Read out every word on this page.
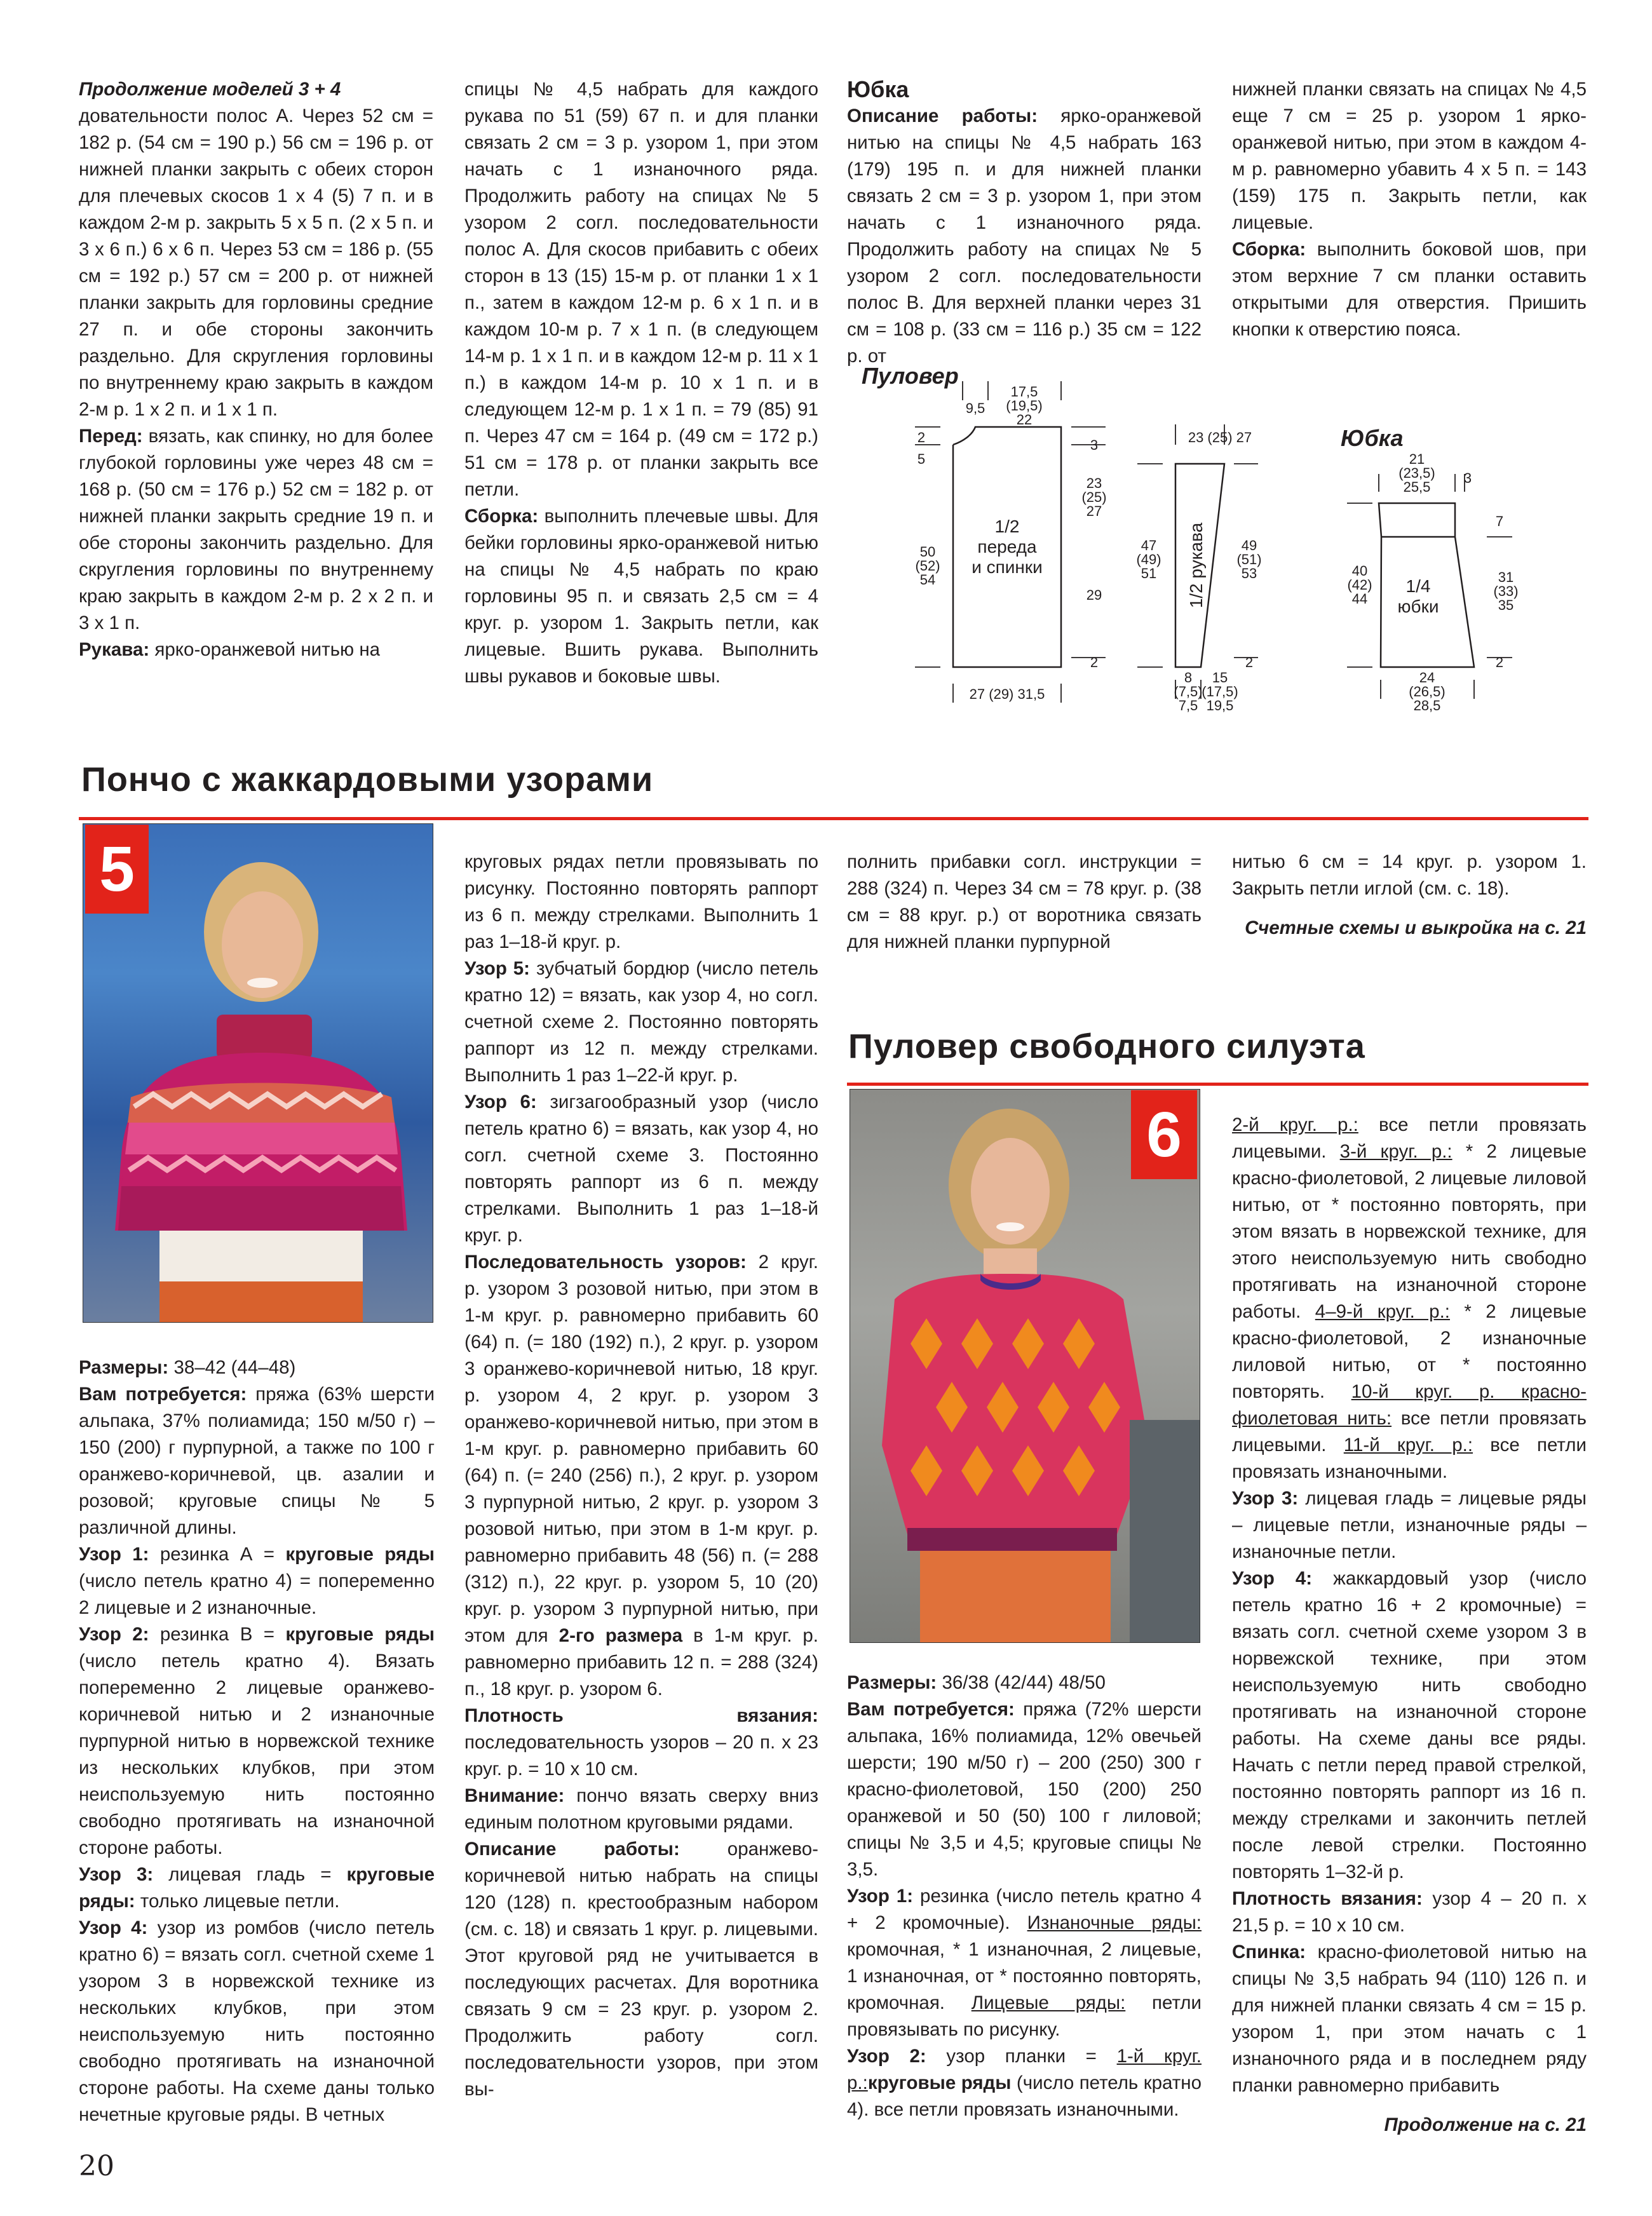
Продолжение моделей 3 + 4

довательности полос А. Через 52 см = 182 р. (54 см = 190 р.) 56 см = 196 р. от нижней планки закрыть с обеих сторон для плечевых скосов 1 х 4 (5) 7 п. и в каждом 2-м р. закрыть 5 х 5 п. (2 х 5 п. и 3 х 6 п.) 6 х 6 п. Через 53 см = 186 р. (55 см = 192 р.) 57 см = 200 р. от нижней планки закрыть для горловины средние 27 п. и обе стороны закончить раздельно. Для скругления горловины по внутреннему краю закрыть в каждом 2-м р. 1 х 2 п. и 1 х 1 п.

Перед: вязать, как спинку, но для более глубокой горловины уже через 48 см = 168 р. (50 см = 176 р.) 52 см = 182 р. от нижней планки закрыть средние 19 п. и обе стороны закончить раздельно. Для скругления горловины по внутреннему краю закрыть в каждом 2-м р. 2 х 2 п. и 3 х 1 п.

Рукава: ярко-оранжевой нитью на

спицы № 4,5 набрать для каждого рукава по 51 (59) 67 п. и для планки связать 2 см = 3 р. узором 1, при этом начать с 1 изнаночного ряда. Продолжить работу на спицах № 5 узором 2 согл. последовательности полос А. Для скосов прибавить с обеих сторон в 13 (15) 15-м р. от планки 1 х 1 п., затем в каждом 12-м р. 6 х 1 п. и в каждом 10-м р. 7 х 1 п. (в следующем 14-м р. 1 х 1 п. и в каждом 12-м р. 11 х 1 п.) в каждом 14-м р. 10 х 1 п. и в следующем 12-м р. 1 х 1 п. = 79 (85) 91 п. Через 47 см = 164 р. (49 см = 172 р.) 51 см = 178 р. от планки закрыть все петли.

Сборка: выполнить плечевые швы. Для бейки горловины ярко-оранжевой нитью на спицы № 4,5 набрать по краю горловины 95 п. и связать 2,5 см = 4 круг. р. узором 1. Закрыть петли, как лицевые. Вшить рукава. Выполнить швы рукавов и боковые швы.

Юбка

Описание работы: ярко-оранжевой нитью на спицы № 4,5 набрать 163 (179) 195 п. и для нижней планки связать 2 см = 3 р. узором 1, при этом начать с 1 изнаночного ряда. Продолжить работу на спицах № 5 узором 2 согл. последовательности полос В. Для верхней планки через 31 см = 108 р. (33 см = 116 р.) 35 см = 122 р. от

нижней планки связать на спицах № 4,5 еще 7 см = 25 р. узором 1 ярко-оранжевой нитью, при этом в каждом 4-м р. равномерно убавить 4 х 5 п. = 143 (159) 175 п. Закрыть петли, как лицевые.

Сборка: выполнить боковой шов, при этом верхние 7 см планки оставить открытыми для отверстия. Пришить кнопки к отверстию пояса.

Пуловер
Юбка
9,5
17,5
(19,5)
22
2
5
3
23
(25)
27
50
(52)
54
29
2
27 (29) 31,5
1/2
переда
и спинки
23 (25) 27
47
(49)
51
49
(51)
53
2
8
(7,5)
7,5
15
(17,5)
19,5
1/2 рукава
21
(23,5)
25,5
3
7
40
(42)
44
31
(33)
35
2
24
(26,5)
28,5
1/4
юбки
Пончо с жаккардовыми узорами
5

Размеры: 38–42 (44–48)

Вам потребуется: пряжа (63% шерсти альпака, 37% полиамида; 150 м/50 г) – 150 (200) г пурпурной, а также по 100 г оранжево-коричневой, цв. азалии и розовой; круговые спицы № 5 различной длины.

Узор 1: резинка А = круговые ряды (число петель кратно 4) = попеременно 2 лицевые и 2 изнаночные.

Узор 2: резинка В = круговые ряды (число петель кратно 4). Вязать попеременно 2 лицевые оранжево-коричневой нитью и 2 изнаночные пурпурной нитью в норвежской технике из нескольких клубков, при этом неиспользуемую нить постоянно свободно протягивать на изнаночной стороне работы.

Узор 3: лицевая гладь = круговые ряды: только лицевые петли.

Узор 4: узор из ромбов (число петель кратно 6) = вязать согл. счетной схеме 1 узором 3 в норвежской технике из нескольких клубков, при этом неиспользуемую нить постоянно свободно протягивать на изнаночной стороне работы. На схеме даны только нечетные круговые ряды. В четных

круговых рядах петли провязывать по рисунку. Постоянно повторять раппорт из 6 п. между стрелками. Выполнить 1 раз 1–18-й круг. р.

Узор 5: зубчатый бордюр (число петель кратно 12) = вязать, как узор 4, но согл. счетной схеме 2. Постоянно повторять раппорт из 12 п. между стрелками. Выполнить 1 раз 1–22-й круг. р.

Узор 6: зигзагообразный узор (число петель кратно 6) = вязать, как узор 4, но согл. счетной схеме 3. Постоянно повторять раппорт из 6 п. между стрелками. Выполнить 1 раз 1–18-й круг. р.

Последовательность узоров: 2 круг. р. узором 3 розовой нитью, при этом в 1-м круг. р. равномерно прибавить 60 (64) п. (= 180 (192) п.), 2 круг. р. узором 3 оранжево-коричневой нитью, 18 круг. р. узором 4, 2 круг. р. узором 3 оранжево-коричневой нитью, при этом в 1-м круг. р. равномерно прибавить 60 (64) п. (= 240 (256) п.), 2 круг. р. узором 3 пурпурной нитью, 2 круг. р. узором 3 розовой нитью, при этом в 1-м круг. р. равномерно прибавить 48 (56) п. (= 288 (312) п.), 22 круг. р. узором 5, 10 (20) круг. р. узором 3 пурпурной нитью, при этом для 2-го размера в 1-м круг. р. равномерно прибавить 12 п. = 288 (324) п., 18 круг. р. узором 6.

Плотность вязания: последовательность узоров – 20 п. х 23 круг. р. = 10 х 10 см.

Внимание: пончо вязать сверху вниз единым полотном круговыми рядами.

Описание работы: оранжево-коричневой нитью набрать на спицы 120 (128) п. крестообразным набором (см. с. 18) и связать 1 круг. р. лицевыми. Этот круговой ряд не учитывается в последующих расчетах. Для воротника связать 9 см = 23 круг. р. узором 2. Продолжить работу согл. последовательности узоров, при этом вы-

полнить прибавки согл. инструкции = 288 (324) п. Через 34 см = 78 круг. р. (38 см = 88 круг. р.) от воротника связать для нижней планки пурпурной

нитью 6 см = 14 круг. р. узором 1. Закрыть петли иглой (см. с. 18).

Счетные схемы и выкройка на с. 21

Пуловер свободного силуэта
6

Размеры: 36/38 (42/44) 48/50

Вам потребуется: пряжа (72% шерсти альпака, 16% полиамида, 12% овечьей шерсти; 190 м/50 г) – 200 (250) 300 г красно-фиолетовой, 150 (200) 250 оранжевой и 50 (50) 100 г лиловой; спицы № 3,5 и 4,5; круговые спицы № 3,5.

Узор 1: резинка (число петель кратно 4 + 2 кромочные). Изнаночные ряды: кромочная, * 1 изнаночная, 2 лицевые, 1 изнаночная, от * постоянно повторять, кромочная. Лицевые ряды: петли провязывать по рисунку.

Узор 2: узор планки = 1-й круг. р.:круговые ряды (число петель кратно 4). все петли провязать изнаночными.

2-й круг. р.: все петли провязать лицевыми. 3-й круг. р.: * 2 лицевые красно-фиолетовой, 2 лицевые лиловой нитью, от * постоянно повторять, при этом вязать в норвежской технике, для этого неиспользуемую нить свободно протягивать на изнаночной стороне работы. 4–9-й круг. р.: * 2 лицевые красно-фиолетовой, 2 изнаночные лиловой нитью, от * постоянно повторять. 10-й круг. р. красно-фиолетовая нить: все петли провязать лицевыми. 11-й круг. р.: все петли провязать изнаночными.

Узор 3: лицевая гладь = лицевые ряды – лицевые петли, изнаночные ряды – изнаночные петли.

Узор 4: жаккардовый узор (число петель кратно 16 + 2 кромочные) = вязать согл. счетной схеме узором 3 в норвежской технике, при этом неиспользуемую нить свободно протягивать на изнаночной стороне работы. На схеме даны все ряды. Начать с петли перед правой стрелкой, постоянно повторять раппорт из 16 п. между стрелками и закончить петлей после левой стрелки. Постоянно повторять 1–32-й р.

Плотность вязания: узор 4 – 20 п. х 21,5 р. = 10 х 10 см.

Спинка: красно-фиолетовой нитью на спицы № 3,5 набрать 94 (110) 126 п. и для нижней планки связать 4 см = 15 р. узором 1, при этом начать с 1 изнаночного ряда и в последнем ряду планки равномерно прибавить

Продолжение на с. 21

20
